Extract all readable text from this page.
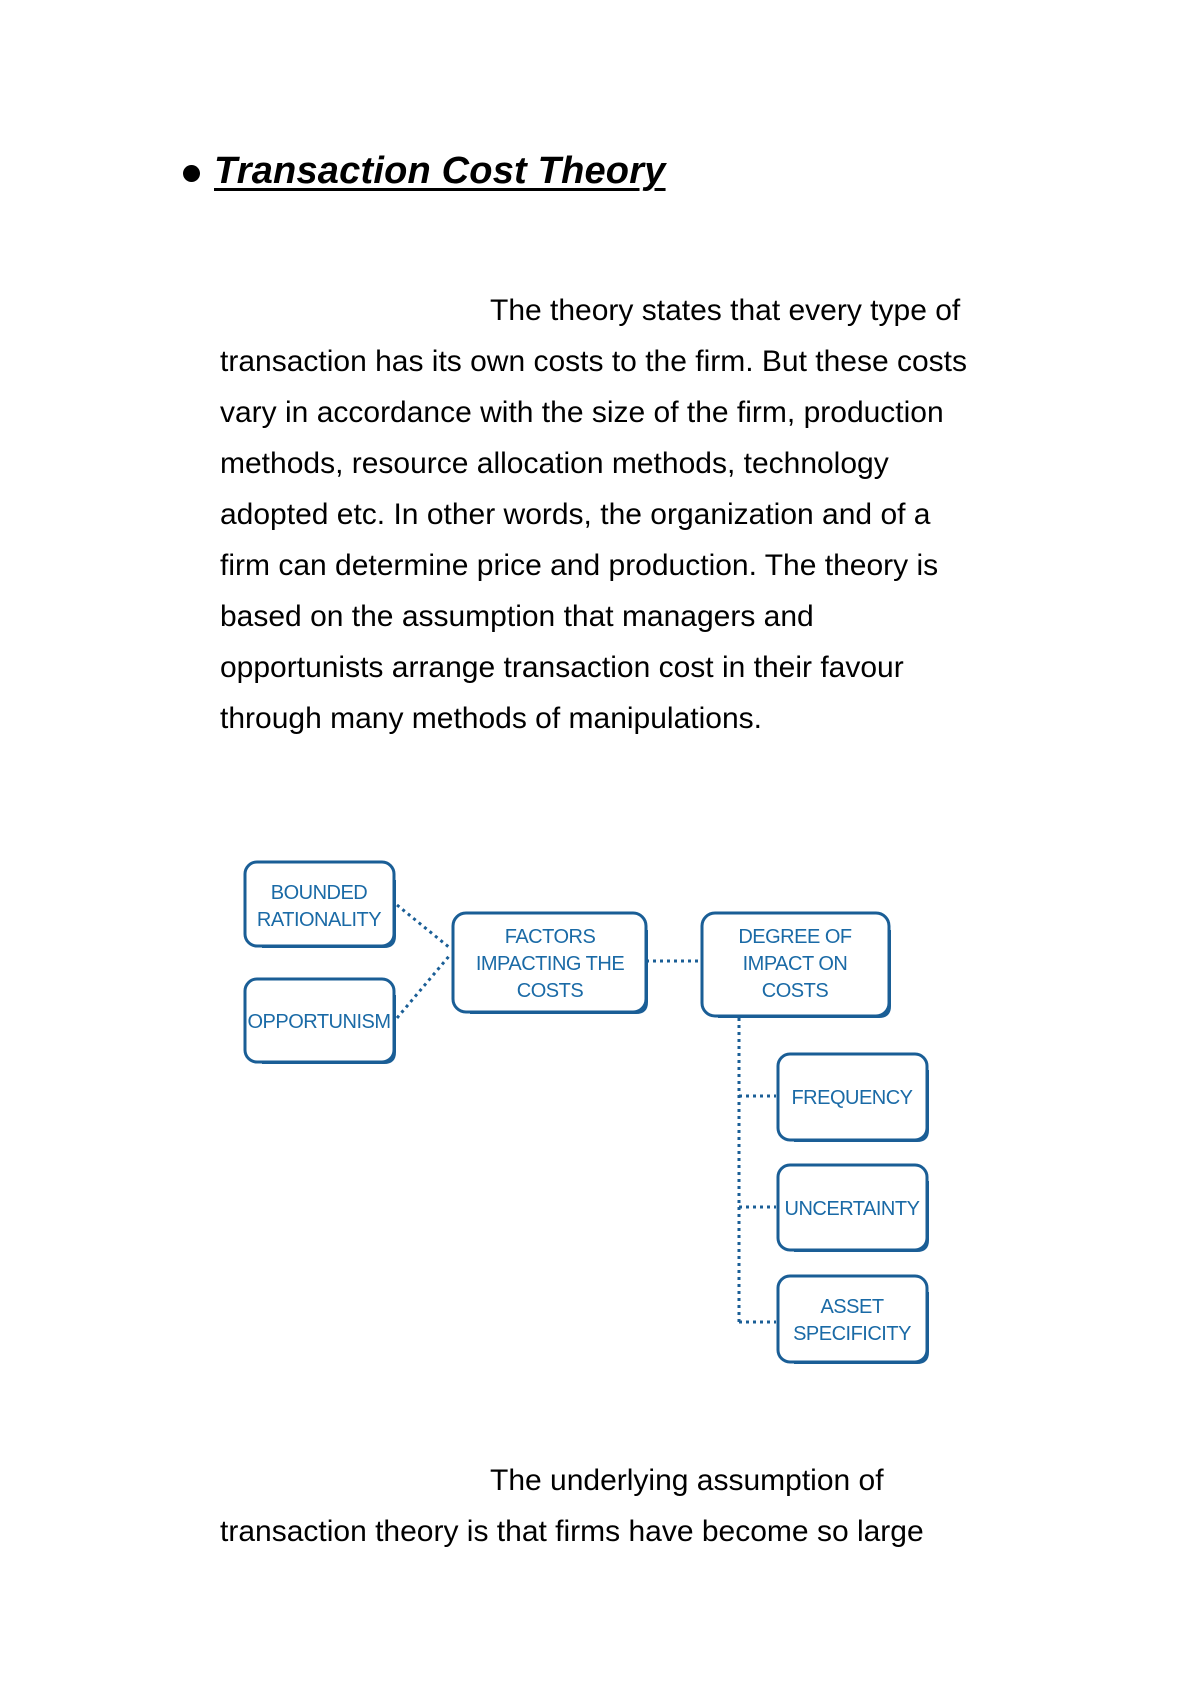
Transaction Cost Theory

The theory states that every type of
transaction has its own costs to the firm. But these costs
vary in accordance with the size of the firm, production
methods, resource allocation methods, technology
adopted etc. In other words, the organization and of a
firm can determine price and production. The theory is
based on the assumption that managers and
opportunists arrange transaction cost in their favour
through many methods of manipulations.

BOUNDED
RATIONALITY
OPPORTUNISM
FACTORS
IMPACTING THE
COSTS
DEGREE OF
IMPACT ON
COSTS
FREQUENCY
UNCERTAINTY
ASSET
SPECIFICITY

The underlying assumption of
transaction theory is that firms have become so large
